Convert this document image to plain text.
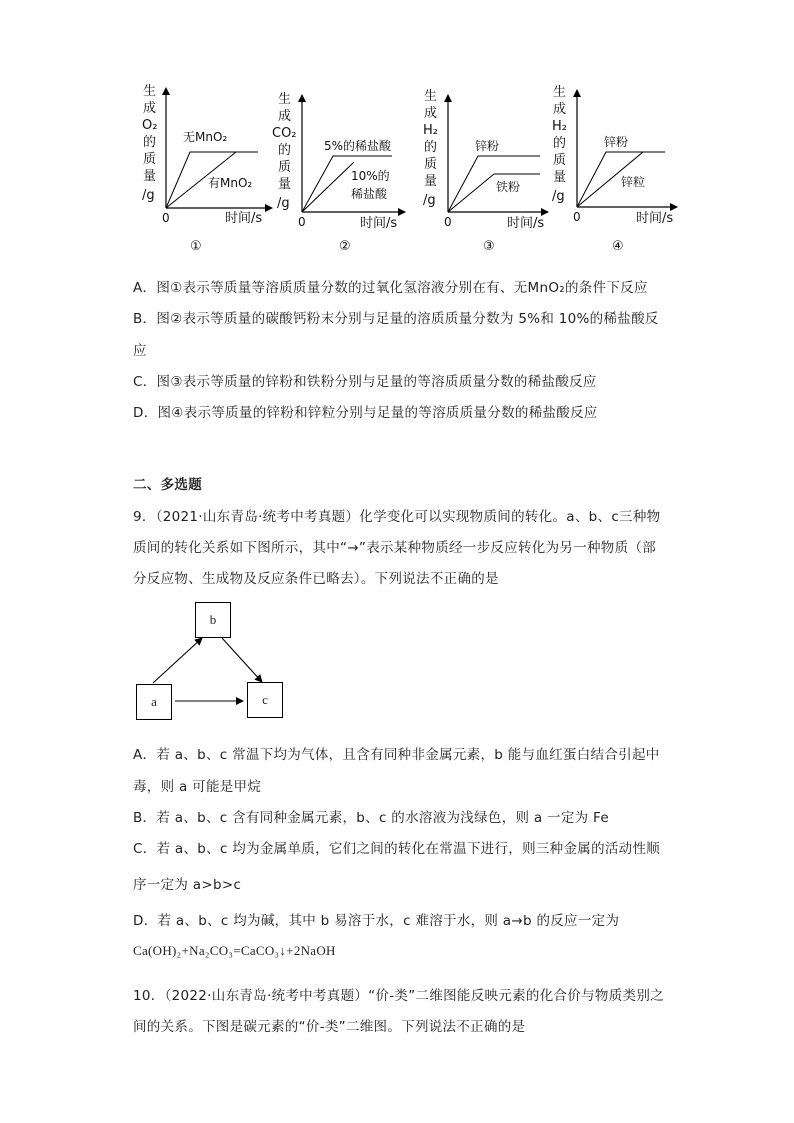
生
成
O₂
的
质
量
/g
无MnO₂
有MnO₂
0	时间/s
①
生
成
CO₂
的
质
量
/g
5%的稀盐酸
10%的
稀盐酸
0	时间/s
②
生
成
H₂
的
质
量
/g
锌粉
铁粉
0	时间/s
③
生
成
H₂
的
质
量
/g
锌粉
锌粒
0	时间/s
④
A．图①表示等质量等溶质质量分数的过氧化氢溶液分别在有、无MnO₂的条件下反应
B．图②表示等质量的碳酸钙粉末分别与足量的溶质质量分数为 5%和 10%的稀盐酸反
应
C．图③表示等质量的锌粉和铁粉分别与足量的等溶质质量分数的稀盐酸反应
D．图④表示等质量的锌粉和锌粒分别与足量的等溶质质量分数的稀盐酸反应
二、多选题
9．（2021·山东青岛·统考中考真题）化学变化可以实现物质间的转化。a、b、c三种物
质间的转化关系如下图所示，其中“→”表示某种物质经一步反应转化为另一种物质（部
分反应物、生成物及反应条件已略去）。下列说法不正确的是
b
a	c
A．若 a、b、c 常温下均为气体，且含有同种非金属元素，b 能与血红蛋白结合引起中
毒，则 a 可能是甲烷
B．若 a、b、c 含有同种金属元素，b、c 的水溶液为浅绿色，则 a 一定为 Fe
C．若 a、b、c 均为金属单质，它们之间的转化在常温下进行，则三种金属的活动性顺
序一定为 a>b>c
D．若 a、b、c 均为碱，其中 b 易溶于水，c 难溶于水，则 a→b 的反应一定为
Ca(OH)₂+Na₂CO₃=CaCO₃↓+2NaOH
10．（2022·山东青岛·统考中考真题）“价-类”二维图能反映元素的化合价与物质类别之
间的关系。下图是碳元素的“价-类”二维图。下列说法不正确的是
